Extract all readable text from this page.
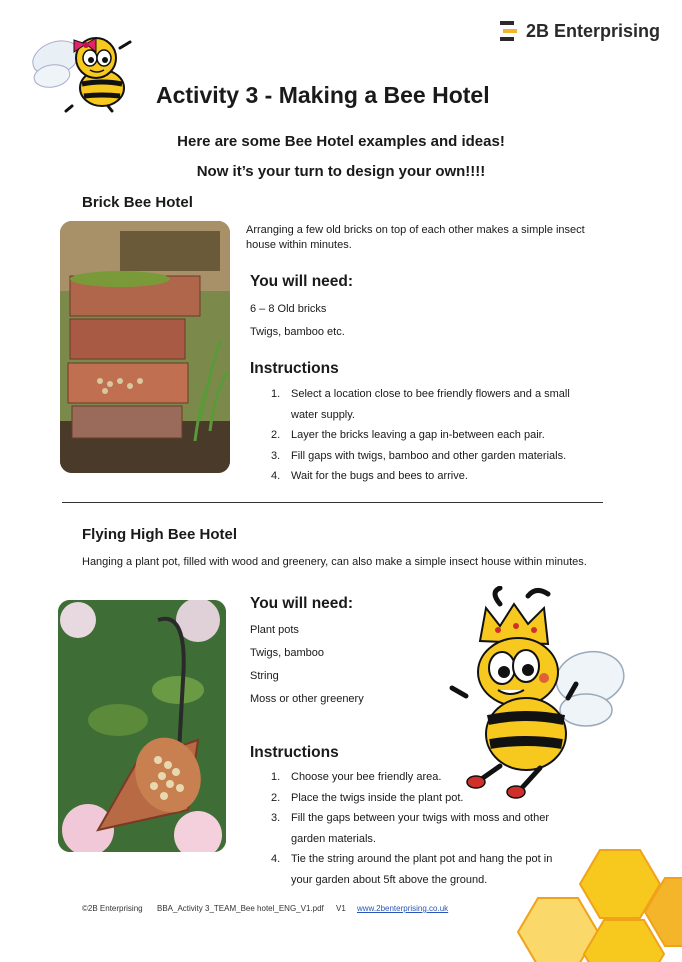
2B Enterprising
Activity 3 - Making a Bee Hotel
Here are some Bee Hotel examples and ideas!
Now it’s your turn to design your own!!!!
Brick Bee Hotel
Arranging a few old bricks on top of each other makes a simple insect house within minutes.
You will need:
6 – 8 Old bricks
Twigs, bamboo etc.
Instructions
1. Select a location close to bee friendly flowers and a small water supply.
2. Layer the bricks leaving a gap in-between each pair.
3. Fill gaps with twigs, bamboo and other garden materials.
4. Wait for the bugs and bees to arrive.
Flying High Bee Hotel
Hanging a plant pot, filled with wood and greenery, can also make a simple insect house within minutes.
You will need:
Plant pots
Twigs, bamboo
String
Moss or other greenery
Instructions
1. Choose your bee friendly area.
2. Place the twigs inside the plant pot.
3. Fill the gaps between your twigs with moss and other garden materials.
4. Tie the string around the plant pot and hang the pot in your garden about 5ft above the ground.
©2B Enterprising BBA_Activity 3_TEAM_Bee hotel_ENG_V1.pdf V1 www.2benterprising.co.uk
